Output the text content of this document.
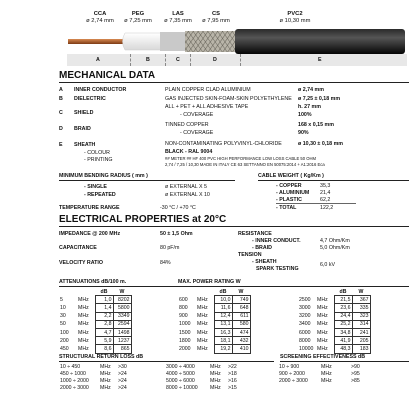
CCA
ø 2,74 mm
PEG
ø 7,25 mm
LAS
ø 7,35 mm
CS
ø 7,95 mm
PVC2
ø 10,30 mm
A	B	C	D	E
MECHANICAL DATA
A INNER CONDUCTOR	PLAIN COPPER CLAD ALUMINIUM	ø 2,74 mm
B DIELECTRIC	GAS INJECTED SKIN-FOAM-SKIN POLYETHYLENE ø 7,25 ± 0,18 mm
C SHIELD
ALL + PET + ALL ADHESIVE TAPE	h. 27 mm
- COVERAGE	100%
D BRAID
TINNED COPPER	168 x 0,15 mm
- COVERAGE	90%
E SHEATH	NON-CONTAMINATING POLYVINYL-CHLORIDE	ø 10,30 ± 0,18 mm
- COLOUR	BLACK - RAL 9004
- PRINTING	## METER ## HF 400 PVC HIGH PERFORMANCE LOW LOSS CABLE 50 OHM
2,74 / 7,25 / 10,30 MADE IN ITALY CE 63 SETTANNO EN 50075:2014 + A1:2016 Eca
MINIMUM BENDING RADIUS ( mm )
- SINGLE	ø EXTERNAL X 5
- REPEATED	ø EXTERNAL X 10
CABLE WEIGHT ( Kg/Km )
- COPPER	35,3
- ALUMINIUM 21,4
- PLASTIC	62,2
- TOTAL	122,2
TEMPERATURE RANGE	-30 °C / +70 °C
ELECTRICAL PROPERTIES at 20°C
IMPEDANCE @ 200 MHz	50 ± 1,5 Ohm
CAPACITANCE	80 pF/m
VELOCITY RATIO	84%
RESISTANCE
- INNER CONDUCT.	4,7 Ohm/Km
- BRAID	5,0 Ohm/Km
TENSION
- SHEATH
SPARK TESTING
6,0 kV
ATTENUATIONS dB/100 m.	MAX. POWER RATING W
		dB	W
5	MHz	1,0	8202
10	MHz	1,4	5800
30	MHz	2,2	3349
50	MHz	2,8	2594
100	MHz	4,7	1498
200	MHz	5,9	1237
450	MHz	8,6	865
		dB	W
600	MHz	10,0	749
800	MHz	11,6	648
900	MHz	12,4	611
1000	MHz	13,1	580
1500	MHz	16,3	474
1800	MHz	18,1	432
2000	MHz	19,2	410
		dB	W
2500	MHz	21,5	367
3000	MHz	23,6	335
3200	MHz	24,4	323
3400	MHz	25,2	314
6000	MHz	34,8	241
8000	MHz	41,9	205
10000	MHz	48,3	183
STRUCTURAL RETURN LOSS dB	SCREENING EFFECTIVENESS dB
10 ÷ 450	MHz	>30	3000 ÷ 4000	MHz	>22
450 ÷ 1000	MHz	>24	4000 ÷ 5000	MHz	>18
1000 ÷ 2000	MHz	>24	5000 ÷ 6000	MHz	>16
2000 ÷ 3000	MHz	>24	8000 ÷ 10000	MHz	>15
10 ÷ 900	MHz	>90
900 ÷ 2000	MHz	>95
2000 ÷ 3000	MHz	>85
